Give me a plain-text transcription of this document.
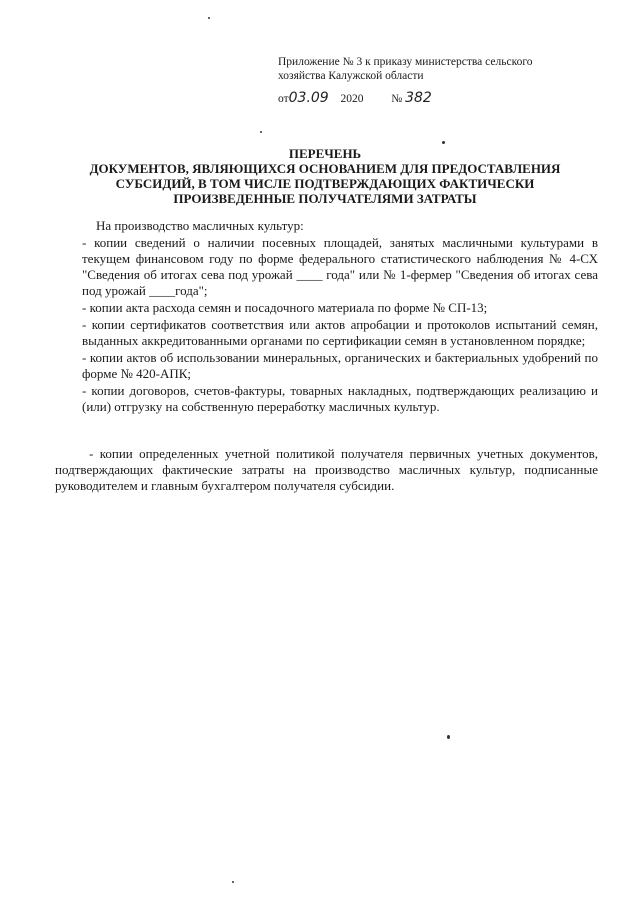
Приложение № 3 к приказу министерства сельского
хозяйства Калужской области
от03.09 2020 № 382
ПЕРЕЧЕНЬ
ДОКУМЕНТОВ, ЯВЛЯЮЩИХСЯ ОСНОВАНИЕМ ДЛЯ ПРЕДОСТАВЛЕНИЯ
СУБСИДИЙ, В ТОМ ЧИСЛЕ ПОДТВЕРЖДАЮЩИХ ФАКТИЧЕСКИ
ПРОИЗВЕДЕННЫЕ ПОЛУЧАТЕЛЯМИ ЗАТРАТЫ
На производство масличных культур:

- копии сведений о наличии посевных площадей, занятых масличными культурами в текущем финансовом году по форме федерального статистического наблюдения № 4-СХ "Сведения об итогах сева под урожай ____ года" или № 1-фермер "Сведения об итогах сева под урожай ____года";

- копии акта расхода семян и посадочного материала по форме № СП-13;

- копии сертификатов соответствия или актов апробации и протоколов испытаний семян, выданных аккредитованными органами по сертификации семян в установленном порядке;

- копии актов об использовании минеральных, органических и бактериальных удобрений по форме № 420-АПК;

- копии договоров, счетов-фактуры, товарных накладных, подтверждающих реализацию и (или) отгрузку на собственную переработку масличных культур.

- копии определенных учетной политикой получателя первичных учетных документов, подтверждающих фактические затраты на производство масличных культур, подписанные руководителем и главным бухгалтером получателя субсидии.
